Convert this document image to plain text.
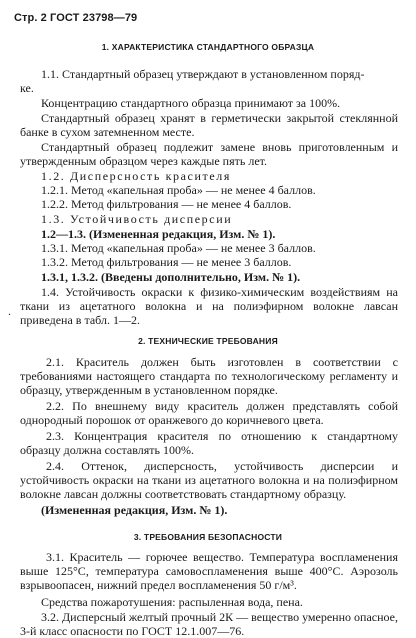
Стр. 2 ГОСТ 23798—79
1. ХАРАКТЕРИСТИКА СТАНДАРТНОГО ОБРАЗЦА
1.1. Стандартный образец утверждают в установленном поряд-
ке.
Концентрацию стандартного образца принимают за 100%.
Стандартный образец хранят в герметически закрытой стеклянной банке в сухом затемненном месте.
Стандартный образец подлежит замене вновь приготовленным и утвержденным образцом через каждые пять лет.
1.2. Дисперсность красителя
1.2.1. Метод «капельная проба» — не менее 4 баллов.
1.2.2. Метод фильтрования — не менее 4 баллов.
1.3. Устойчивость дисперсии
1.2—1.3. (Измененная редакция, Изм. № 1).
1.3.1. Метод «капельная проба» — не менее 3 баллов.
1.3.2. Метод фильтрования — не менее 3 баллов.
1.3.1, 1.3.2. (Введены дополнительно, Изм. № 1).
1.4. Устойчивость окраски к физико-химическим воздействиям на ткани из ацетатного волокна и на полиэфирном волокне лавсан приведена в табл. 1—2.
.
2. ТЕХНИЧЕСКИЕ ТРЕБОВАНИЯ
2.1. Краситель должен быть изготовлен в соответствии с требованиями настоящего стандарта по технологическому регламенту и образцу, утвержденным в установленном порядке.
2.2. По внешнему виду краситель должен представлять собой однородный порошок от оранжевого до коричневого цвета.
2.3. Концентрация красителя по отношению к стандартному образцу должна составлять 100%.
2.4. Оттенок, дисперсность, устойчивость дисперсии и устойчивость окраски на ткани из ацетатного волокна и на полиэфирном волокне лавсан должны соответствовать стандартному образцу.
(Измененная редакция, Изм. № 1).
3. ТРЕБОВАНИЯ БЕЗОПАСНОСТИ
3.1. Краситель — горючее вещество. Температура воспламенения выше 125°С, температура самовоспламенения выше 400°С. Аэрозоль взрывоопасен, нижний предел воспламенения 50 г/м³.
Средства пожаротушения: распыленная вода, пена.
3.2. Дисперсный желтый прочный 2К — вещество умеренно опасное, 3-й класс опасности по ГОСТ 12.1.007—76.
